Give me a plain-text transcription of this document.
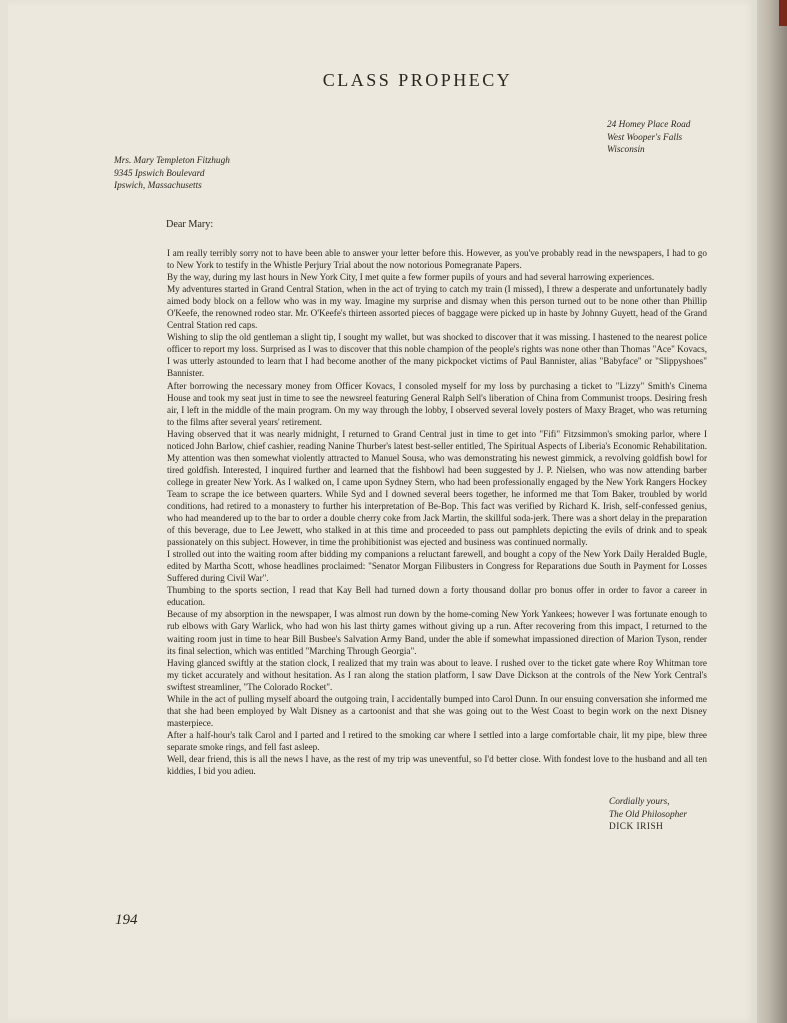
CLASS PROPHECY
24 Homey Place Road
West Wooper's Falls
Wisconsin
Mrs. Mary Templeton Fitzhugh
9345 Ipswich Boulevard
Ipswich, Massachusetts
Dear Mary:

I am really terribly sorry not to have been able to answer your letter before this. However, as you've probably read in the newspapers, I had to go to New York to testify in the Whistle Perjury Trial about the now notorious Pomegranate Papers.

By the way, during my last hours in New York City, I met quite a few former pupils of yours and had several harrowing experiences.

My adventures started in Grand Central Station, when in the act of trying to catch my train (I missed), I threw a desperate and unfortunately badly aimed body block on a fellow who was in my way. Imagine my surprise and dismay when this person turned out to be none other than Phillip O'Keefe, the renowned rodeo star. Mr. O'Keefe's thirteen assorted pieces of baggage were picked up in haste by Johnny Guyett, head of the Grand Central Station red caps.

Wishing to slip the old gentleman a slight tip, I sought my wallet, but was shocked to discover that it was missing. I hastened to the nearest police officer to report my loss. Surprised as I was to discover that this noble champion of the people's rights was none other than Thomas "Ace" Kovacs, I was utterly astounded to learn that I had become another of the many pickpocket victims of Paul Bannister, alias "Babyface" or "Slippyshoes" Bannister.

After borrowing the necessary money from Officer Kovacs, I consoled myself for my loss by purchasing a ticket to "Lizzy" Smith's Cinema House and took my seat just in time to see the newsreel featuring General Ralph Sell's liberation of China from Communist troops. Desiring fresh air, I left in the middle of the main program. On my way through the lobby, I observed several lovely posters of Maxy Braget, who was returning to the films after several years' retirement.

Having observed that it was nearly midnight, I returned to Grand Central just in time to get into "Fifi" Fitzsimmon's smoking parlor, where I noticed John Barlow, chief cashier, reading Nanine Thurber's latest best-seller entitled, The Spiritual Aspects of Liberia's Economic Rehabilitation. My attention was then somewhat violently attracted to Manuel Sousa, who was demonstrating his newest gimmick, a revolving goldfish bowl for tired goldfish. Interested, I inquired further and learned that the fishbowl had been suggested by J. P. Nielsen, who was now attending barber college in greater New York. As I walked on, I came upon Sydney Stern, who had been professionally engaged by the New York Rangers Hockey Team to scrape the ice between quarters. While Syd and I downed several beers together, he informed me that Tom Baker, troubled by world conditions, had retired to a monastery to further his interpretation of Be-Bop. This fact was verified by Richard K. Irish, self-confessed genius, who had meandered up to the bar to order a double cherry coke from Jack Martin, the skillful soda-jerk. There was a short delay in the preparation of this beverage, due to Lee Jewett, who stalked in at this time and proceeded to pass out pamphlets depicting the evils of drink and to speak passionately on this subject. However, in time the prohibitionist was ejected and business was continued normally.

I strolled out into the waiting room after bidding my companions a reluctant farewell, and bought a copy of the New York Daily Heralded Bugle, edited by Martha Scott, whose headlines proclaimed: "Senator Morgan Filibusters in Congress for Reparations due South in Payment for Losses Suffered during Civil War".

Thumbing to the sports section, I read that Kay Bell had turned down a forty thousand dollar pro bonus offer in order to favor a career in education.

Because of my absorption in the newspaper, I was almost run down by the home-coming New York Yankees; however I was fortunate enough to rub elbows with Gary Warlick, who had won his last thirty games without giving up a run. After recovering from this impact, I returned to the waiting room just in time to hear Bill Busbee's Salvation Army Band, under the able if somewhat impassioned direction of Marion Tyson, render its final selection, which was entitled "Marching Through Georgia".

Having glanced swiftly at the station clock, I realized that my train was about to leave. I rushed over to the ticket gate where Roy Whitman tore my ticket accurately and without hesitation. As I ran along the station platform, I saw Dave Dickson at the controls of the New York Central's swiftest streamliner, "The Colorado Rocket".

While in the act of pulling myself aboard the outgoing train, I accidentally bumped into Carol Dunn. In our ensuing conversation she informed me that she had been employed by Walt Disney as a cartoonist and that she was going out to the West Coast to begin work on the next Disney masterpiece.

After a half-hour's talk Carol and I parted and I retired to the smoking car where I settled into a large comfortable chair, lit my pipe, blew three separate smoke rings, and fell fast asleep.

Well, dear friend, this is all the news I have, as the rest of my trip was uneventful, so I'd better close. With fondest love to the husband and all ten kiddies, I bid you adieu.

Cordially yours,
The Old Philosopher
DICK IRISH
194
